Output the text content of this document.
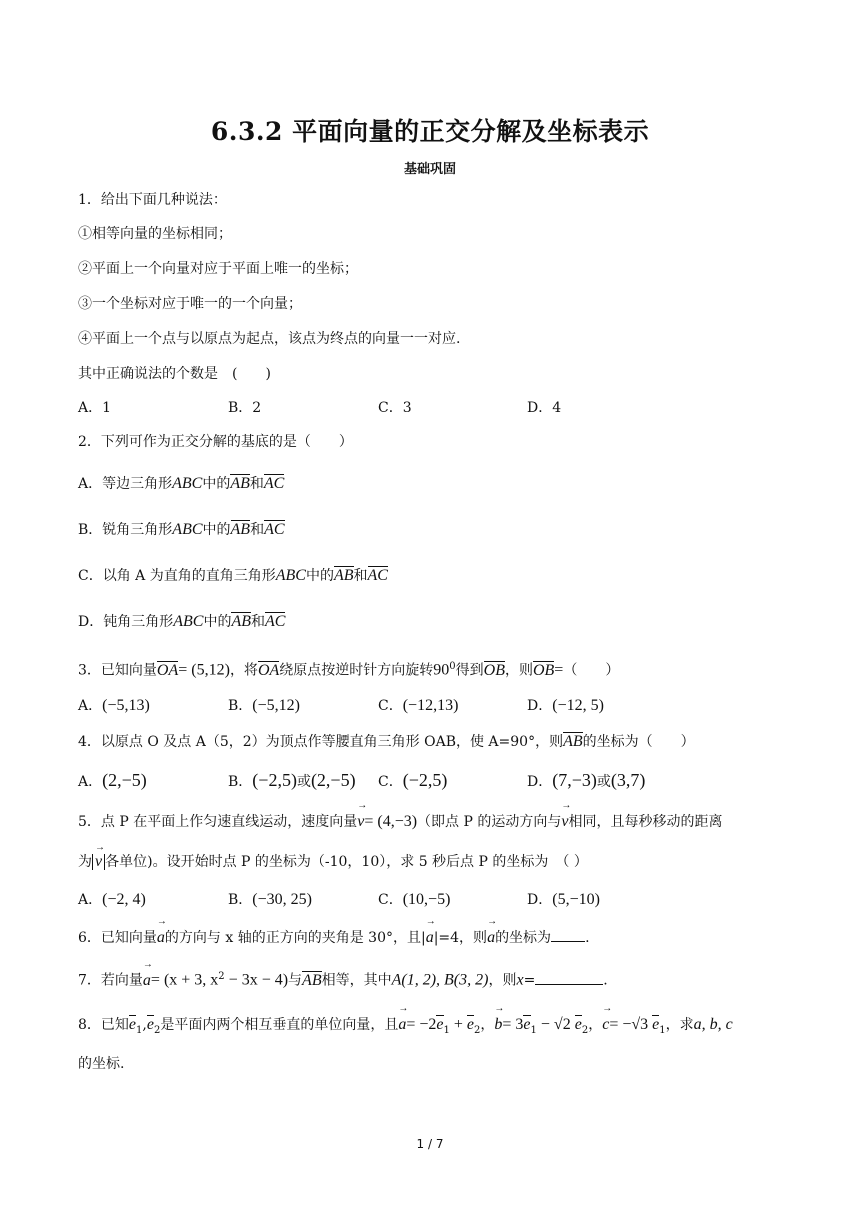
6.3.2 平面向量的正交分解及坐标表示
基础巩固
1．给出下面几种说法：
①相等向量的坐标相同；
②平面上一个向量对应于平面上唯一的坐标；
③一个坐标对应于唯一的一个向量；
④平面上一个点与以原点为起点，该点为终点的向量一一对应.
其中正确说法的个数是　(　　)
A．1	B．2	C．3	D．4
2．下列可作为正交分解的基底的是（　　）
A．等边三角形ABC中的AB和AC
B．锐角三角形ABC中的AB和AC
C．以角 A 为直角的直角三角形ABC中的AB和AC
D．钝角三角形ABC中的AB和AC
3．已知向量OA= (5,12)，将OA绕原点按逆时针方向旋转$90^0$得到OB，则OB=（　　）
A．(−5,13)	B．(−5,12)	C．(−12,13)	D．(−12, 5)
4．以原点 O 及点 A（5，2）为顶点作等腰直角三角形 OAB，使 A=90°，则AB的坐标为（　　）
A．(2,−5)	B．(−2,5)或(2,−5) C．(−2,5)	D．(7,−3)或(3,7)
5．点 P 在平面上作匀速直线运动，速度向量→ v= (4,−3)（即点 P 的运动方向与→ v相同，且每秒移动的距离
为→ v 各单位)。设开始时点 P 的坐标为（-10，10），求 5 秒后点 P 的坐标为　（ ）
A．(−2, 4)	B．(−30, 25)	C．(10,−5)	D．(5,−10)
6．已知向量→ a的方向与 x 轴的正方向的夹角是 30°，且|→ a|=4，则→ a的坐标为 .
7．若向量→ a= (x + 3, $x^2 - 3x - 4$)与AB相等，其中A(1, 2), B(3, 2)，则x=	.
8．已知$e_1,e_2$是平面内两个相互垂直的单位向量，且→ $a= -2e_1 + e_2$，→ $b= 3e_1 - √2$ $e_2$，→ c= −√3 $e_1$，求a, b, c
的坐标.
1 / 7
